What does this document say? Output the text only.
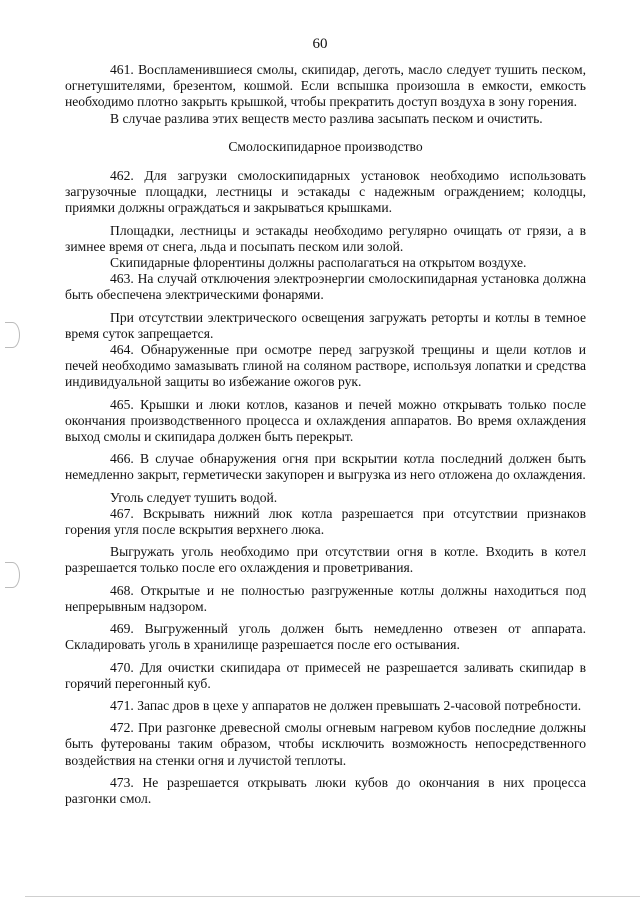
60

461. Воспламенившиеся смолы, скипидар, деготь, масло следует тушить песком, огнетушителями, брезентом, кошмой. Если вспышка произошла в емкости, емкость необходимо плотно закрыть крышкой, чтобы прекратить доступ воздуха в зону горения.

В случае разлива этих веществ место разлива засыпать песком и очистить.

Смолоскипидарное производство

462. Для загрузки смолоскипидарных установок необходимо использовать загрузочные площадки, лестницы и эстакады с надежным ограждением; колодцы, приямки должны ограждаться и закрываться крышками.

Площадки, лестницы и эстакады необходимо регулярно очищать от грязи, а в зимнее время от снега, льда и посыпать песком или золой.

Скипидарные флорентины должны располагаться на открытом воздухе.

463. На случай отключения электроэнергии смолоскипидарная установка должна быть обеспечена электрическими фонарями.

При отсутствии электрического освещения загружать реторты и котлы в темное время суток запрещается.

464. Обнаруженные при осмотре перед загрузкой трещины и щели котлов и печей необходимо замазывать глиной на соляном растворе, используя лопатки и средства индивидуальной защиты во избежание ожогов рук.

465. Крышки и люки котлов, казанов и печей можно открывать только после окончания производственного процесса и охлаждения аппаратов. Во время охлаждения выход смолы и скипидара должен быть перекрыт.

466. В случае обнаружения огня при вскрытии котла последний должен быть немедленно закрыт, герметически закупорен и выгрузка из него отложена до охлаждения.

Уголь следует тушить водой.

467. Вскрывать нижний люк котла разрешается при отсутствии признаков горения угля после вскрытия верхнего люка.

Выгружать уголь необходимо при отсутствии огня в котле. Входить в котел разрешается только после его охлаждения и проветривания.

468. Открытые и не полностью разгруженные котлы должны находиться под непрерывным надзором.

469. Выгруженный уголь должен быть немедленно отвезен от аппарата. Складировать уголь в хранилище разрешается после его остывания.

470. Для очистки скипидара от примесей не разрешается заливать скипидар в горячий перегонный куб.

471. Запас дров в цехе у аппаратов не должен превышать 2-часовой потребности.

472. При разгонке древесной смолы огневым нагревом кубов последние должны быть футерованы таким образом, чтобы исключить возможность непосредственного воздействия на стенки огня и лучистой теплоты.

473. Не разрешается открывать люки кубов до окончания в них процесса разгонки смол.
